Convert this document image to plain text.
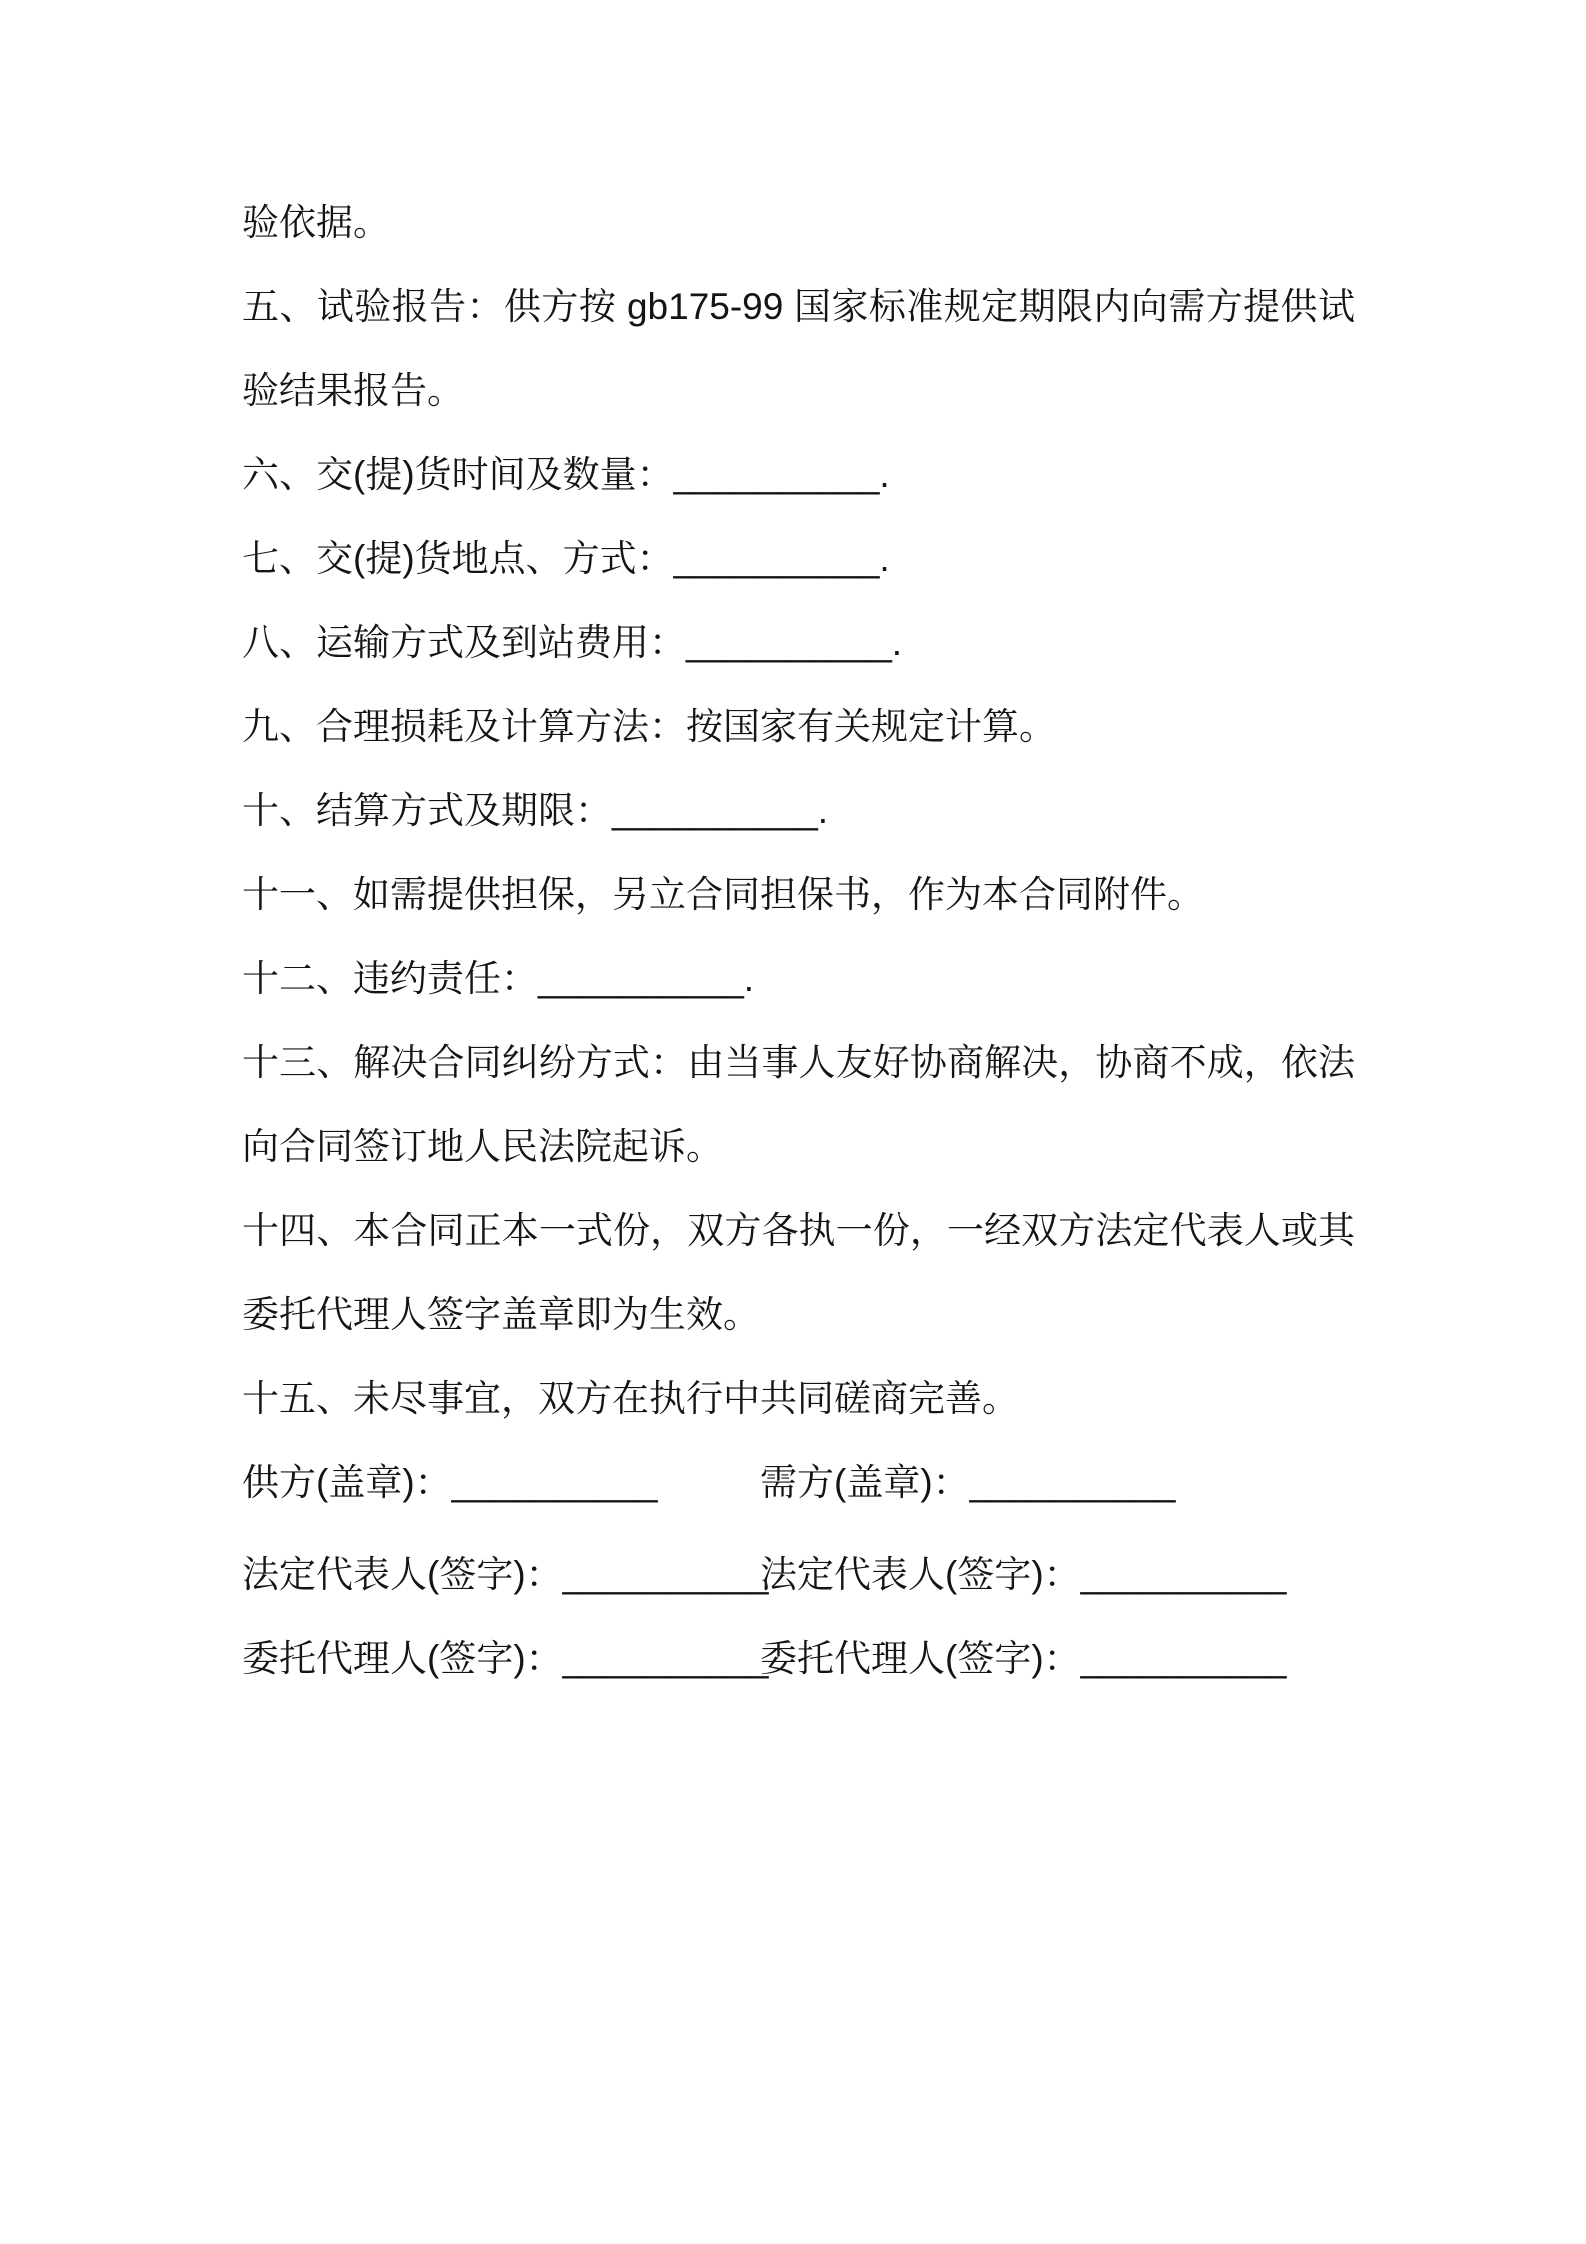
验依据。
五、试验报告：供方按 gb175-99 国家标准规定期限内向需方提供试
验结果报告。
六、交(提)货时间及数量：__________.
七、交(提)货地点、方式：__________.
八、运输方式及到站费用：__________.
九、合理损耗及计算方法：按国家有关规定计算。
十、结算方式及期限：__________.
十一、如需提供担保，另立合同担保书，作为本合同附件。
十二、违约责任：__________.
十三、解决合同纠纷方式：由当事人友好协商解决，协商不成，依法
向合同签订地人民法院起诉。
十四、本合同正本一式份，双方各执一份，一经双方法定代表人或其
委托代理人签字盖章即为生效。
十五、未尽事宜，双方在执行中共同磋商完善。
供方(盖章)：__________	需方(盖章)：__________
法定代表人(签字)：__________
法定代表人(签字)：__________
委托代理人(签字)：__________
委托代理人(签字)：__________
